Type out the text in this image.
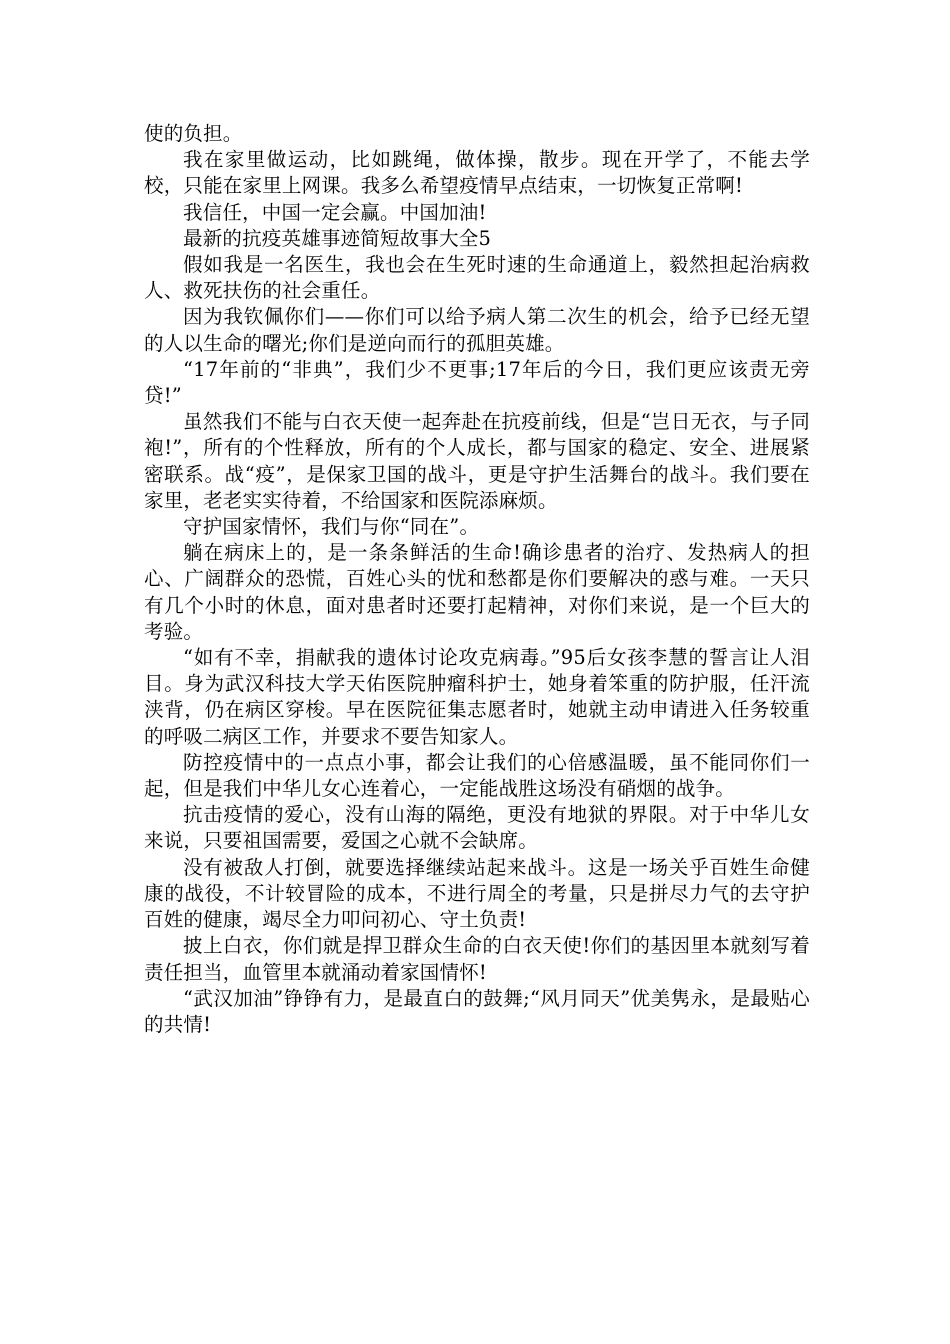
使的负担。

我在家里做运动，比如跳绳，做体操，散步。现在开学了，不能去学校，只能在家里上网课。我多么希望疫情早点结束，一切恢复正常啊!

我信任，中国一定会赢。中国加油!

最新的抗疫英雄事迹简短故事大全5

假如我是一名医生，我也会在生死时速的生命通道上，毅然担起治病救人、救死扶伤的社会重任。

因为我钦佩你们——你们可以给予病人第二次生的机会，给予已经无望的人以生命的曙光;你们是逆向而行的孤胆英雄。

“17年前的“非典”，我们少不更事;17年后的今日，我们更应该责无旁贷!”

虽然我们不能与白衣天使一起奔赴在抗疫前线，但是“岂日无衣，与子同袍!”，所有的个性释放，所有的个人成长，都与国家的稳定、安全、进展紧密联系。战“疫”，是保家卫国的战斗，更是守护生活舞台的战斗。我们要在家里，老老实实待着，不给国家和医院添麻烦。

守护国家情怀，我们与你“同在”。

躺在病床上的，是一条条鲜活的生命!确诊患者的治疗、发热病人的担心、广阔群众的恐慌，百姓心头的忧和愁都是你们要解决的惑与难。一天只有几个小时的休息，面对患者时还要打起精神，对你们来说，是一个巨大的考验。

“如有不幸，捐献我的遗体讨论攻克病毒。”95后女孩李慧的誓言让人泪目。身为武汉科技大学天佑医院肿瘤科护士，她身着笨重的防护服，任汗流浃背，仍在病区穿梭。早在医院征集志愿者时，她就主动申请进入任务较重的呼吸二病区工作，并要求不要告知家人。

防控疫情中的一点点小事，都会让我们的心倍感温暖，虽不能同你们一起，但是我们中华儿女心连着心，一定能战胜这场没有硝烟的战争。

抗击疫情的爱心，没有山海的隔绝，更没有地狱的界限。对于中华儿女来说，只要祖国需要，爱国之心就不会缺席。

没有被敌人打倒，就要选择继续站起来战斗。这是一场关乎百姓生命健康的战役，不计较冒险的成本，不进行周全的考量，只是拼尽力气的去守护百姓的健康，竭尽全力叩问初心、守土负责!

披上白衣，你们就是捍卫群众生命的白衣天使!你们的基因里本就刻写着责任担当，血管里本就涌动着家国情怀!

“武汉加油”铮铮有力，是最直白的鼓舞;“风月同天”优美隽永，是最贴心的共情!
